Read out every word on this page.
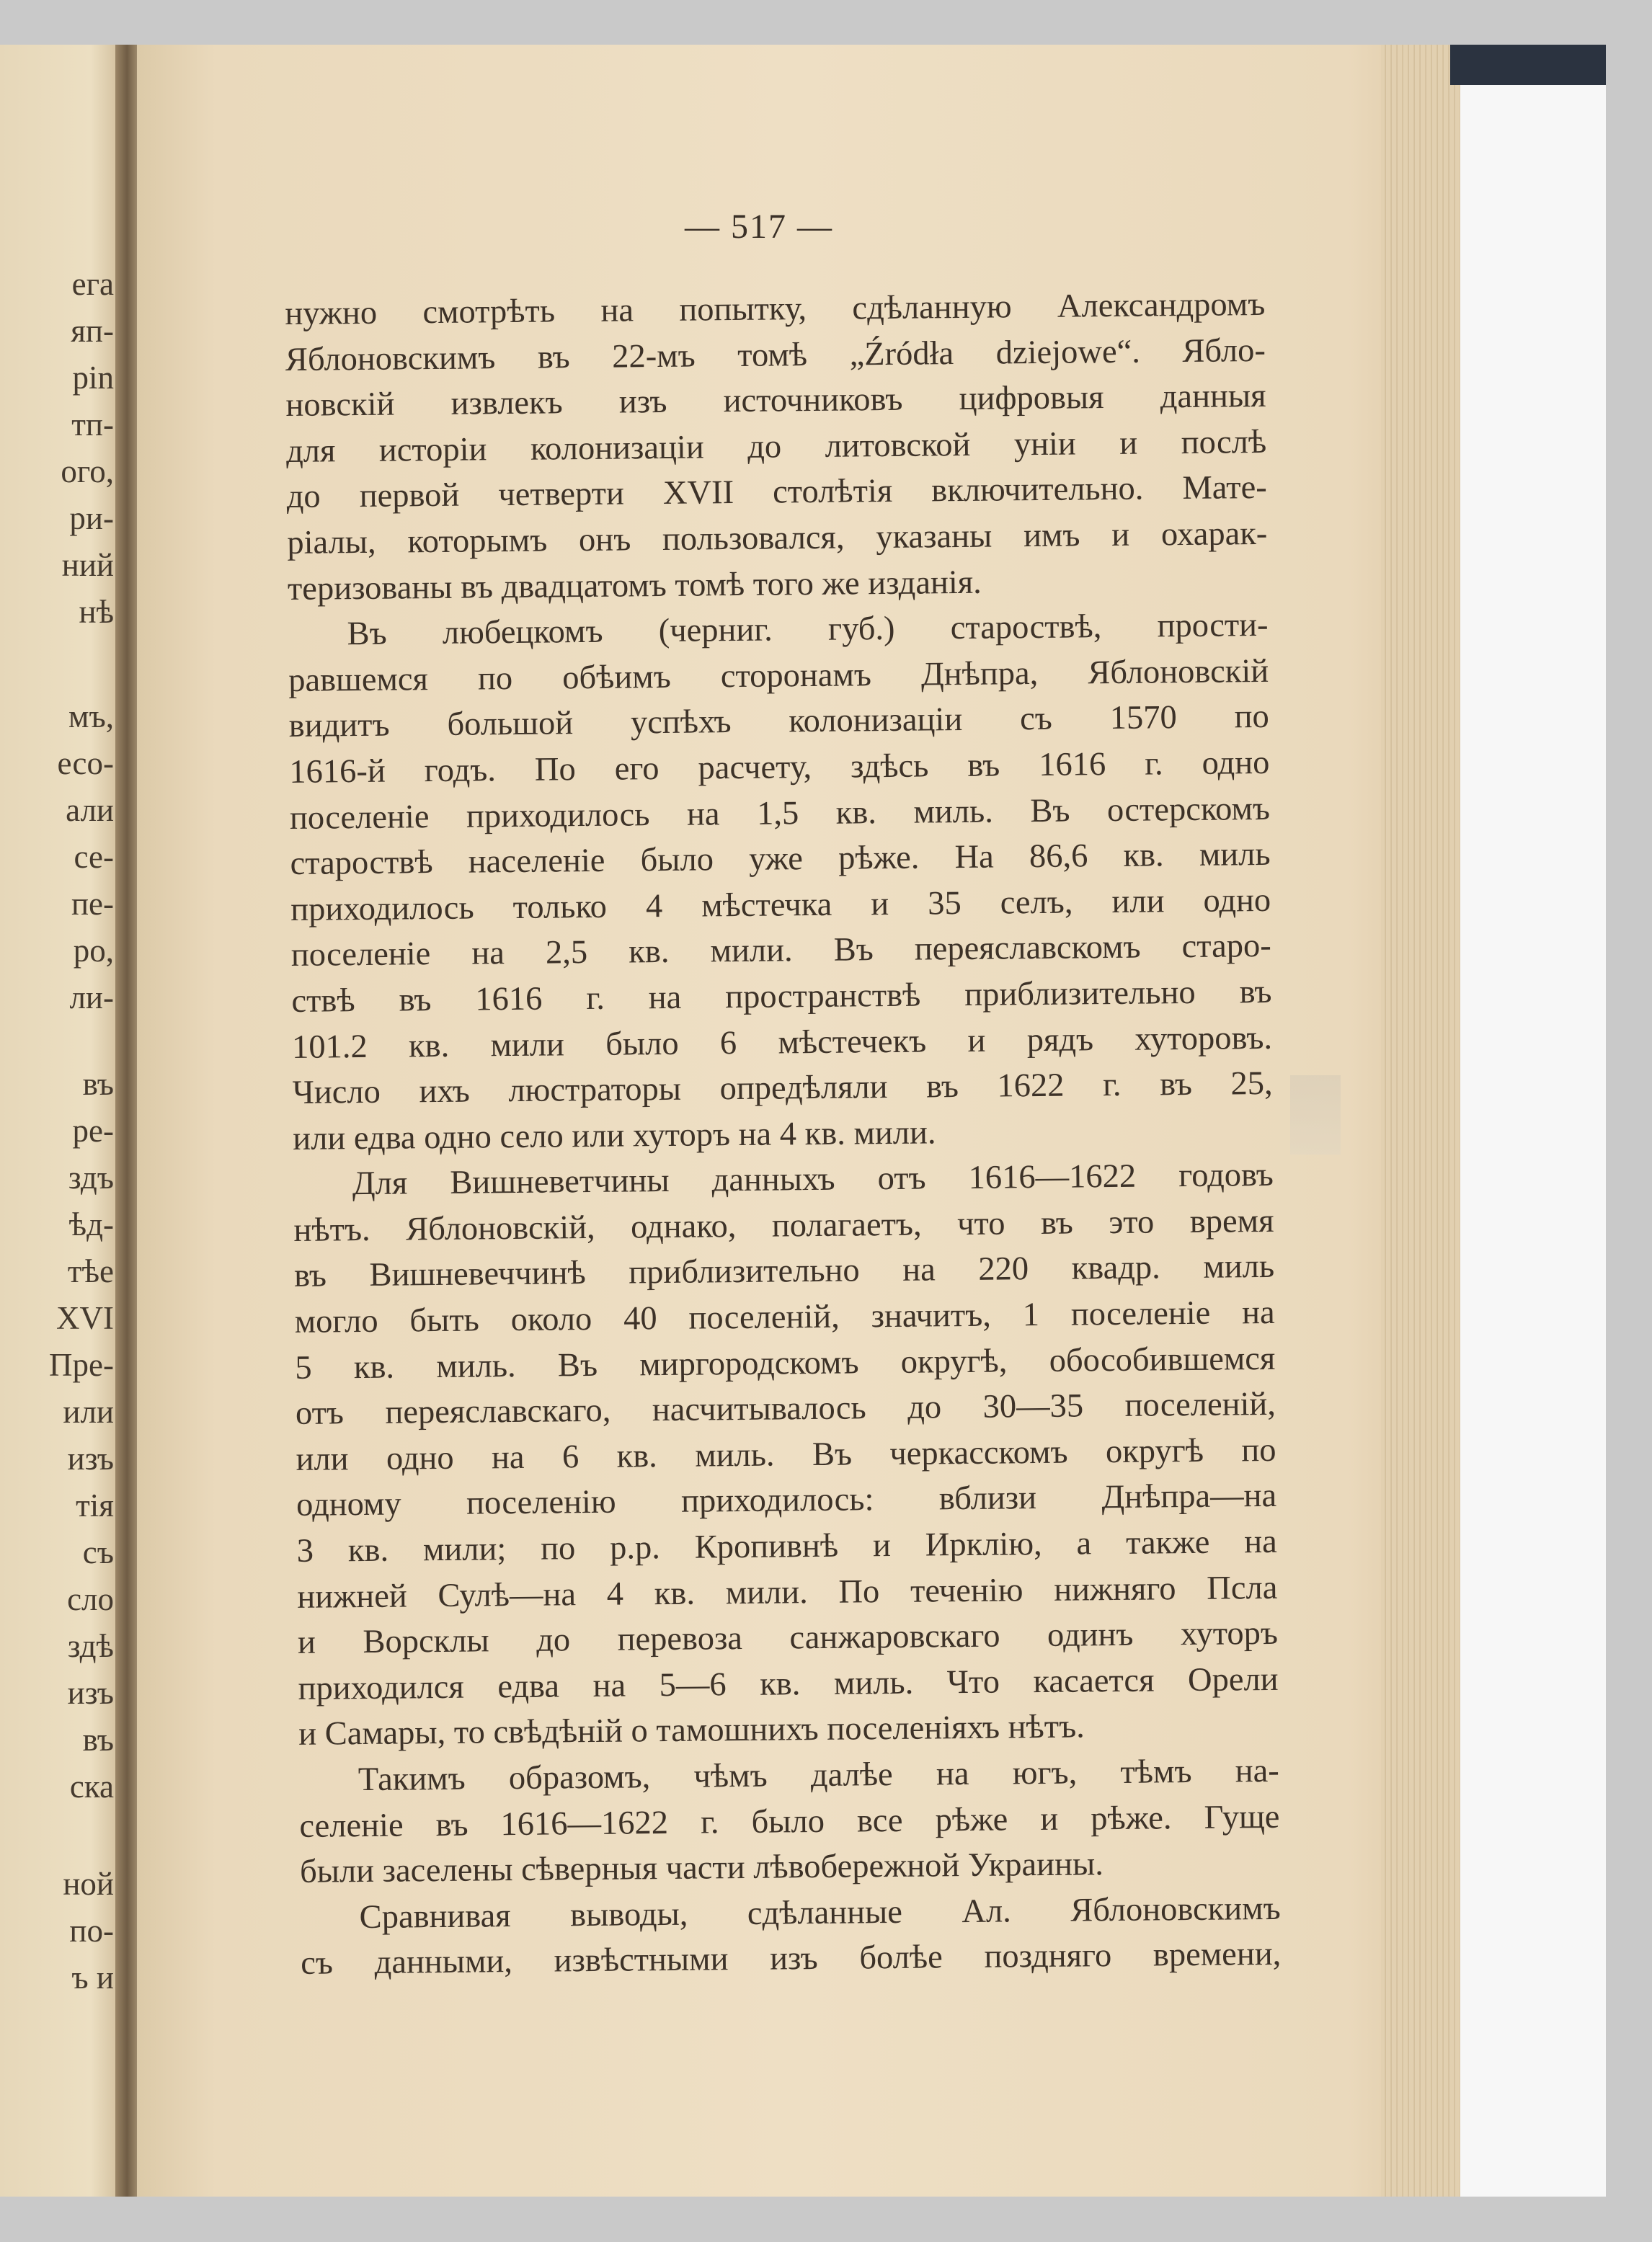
ега
яп-
pin
тп-
ого,
ри-
ний
нѣ
мъ,
есо-
али
се-
пе-
ро,
ли-
въ
ре-
здъ
ѣд-
тѣе
XVI
Пре-
или
изъ
тія
съ
сло
здѣ
изъ
въ
ска
ной
по-
ъ и
— 517 —
нужно смотрѣть на попытку, сдѣланную Александромъ
Яблоновскимъ въ 22-мъ томѣ „Źródła dziejowe“. Ябло-
новскій извлекъ изъ источниковъ цифровыя данныя
для исторіи колонизаціи до литовской уніи и послѣ
до первой четверти XVII столѣтія включительно. Мате-
ріалы, которымъ онъ пользовался, указаны имъ и охарак-
теризованы въ двадцатомъ томѣ того же изданія.
Въ любецкомъ (черниг. губ.) староствѣ, прости-
равшемся по обѣимъ сторонамъ Днѣпра, Яблоновскій
видитъ большой успѣхъ колонизаціи съ 1570 по
1616-й годъ. По его расчету, здѣсь въ 1616 г. одно
поселеніе приходилось на 1,5 кв. миль. Въ остерскомъ
староствѣ населеніе было уже рѣже. На 86,6 кв. миль
приходилось только 4 мѣстечка и 35 селъ, или одно
поселеніе на 2,5 кв. мили. Въ переяславскомъ старо-
ствѣ въ 1616 г. на пространствѣ приблизительно въ
101.2 кв. мили было 6 мѣстечекъ и рядъ хуторовъ.
Число ихъ люстраторы опредѣляли въ 1622 г. въ 25,
или едва одно село или хуторъ на 4 кв. мили.
Для Вишневетчины данныхъ отъ 1616—1622 годовъ
нѣтъ. Яблоновскій, однако, полагаетъ, что въ это время
въ Вишневеччинѣ приблизительно на 220 квадр. миль
могло быть около 40 поселеній, значитъ, 1 поселеніе на
5 кв. миль. Въ миргородскомъ округѣ, обособившемся
отъ переяславскаго, насчитывалось до 30—35 поселеній,
или одно на 6 кв. миль. Въ черкасскомъ округѣ по
одному поселенію приходилось: вблизи Днѣпра—на
3 кв. мили; по р.р. Кропивнѣ и Ирклію, а также на
нижней Сулѣ—на 4 кв. мили. По теченію нижняго Псла
и Ворсклы до перевоза санжаровскаго одинъ хуторъ
приходился едва на 5—6 кв. миль. Что касается Орели
и Самары, то свѣдѣній о тамошнихъ поселеніяхъ нѣтъ.
Такимъ образомъ, чѣмъ далѣе на югъ, тѣмъ на-
селеніе въ 1616—1622 г. было все рѣже и рѣже. Гуще
были заселены сѣверныя части лѣвобережной Украины.
Сравнивая выводы, сдѣланные Ал. Яблоновскимъ
съ данными, извѣстными изъ болѣе поздняго времени,
